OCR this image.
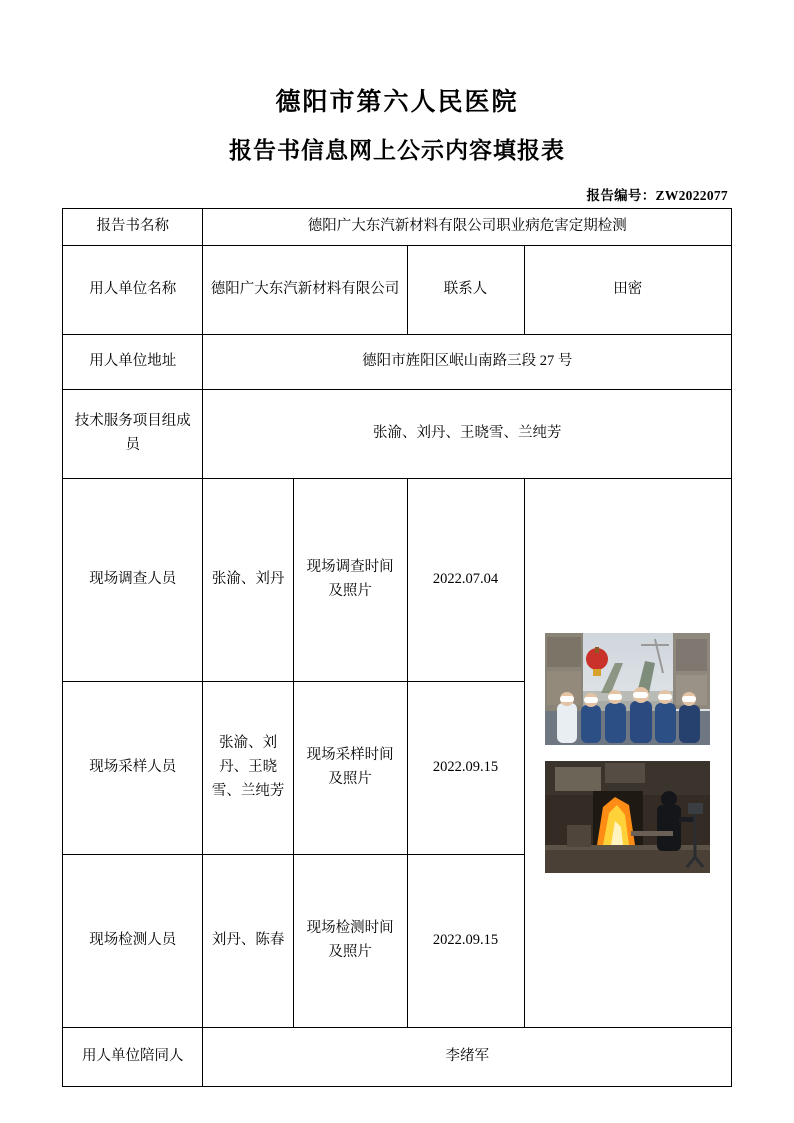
德阳市第六人民医院
报告书信息网上公示内容填报表
报告编号：ZW2022077
报告书名称	德阳广大东汽新材料有限公司职业病危害定期检测			
用人单位名称	德阳广大东汽新材料有限公司		联系人	田密
用人单位地址	德阳市旌阳区岷山南路三段 27 号			
技术服务项目组成员	张渝、刘丹、王晓雪、兰纯芳			
现场调查人员	张渝、刘丹	现场调查时间及照片	2022.07.04	

现场采样人员	张渝、刘丹、王晓雪、兰纯芳	现场采样时间及照片	2022.09.15	
现场检测人员	刘丹、陈春	现场检测时间及照片	2022.09.15	
用人单位陪同人	李绪军			
